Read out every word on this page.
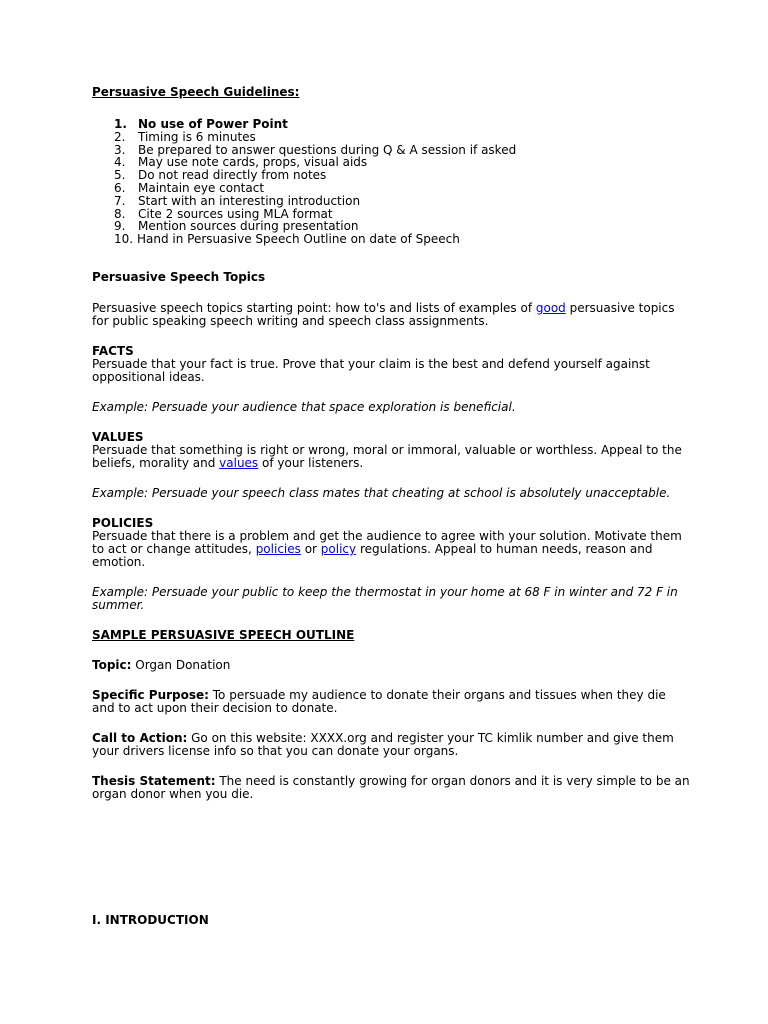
Persuasive Speech Guidelines:
1. No use of Power Point
2. Timing is 6 minutes
3. Be prepared to answer questions during Q & A session if asked
4. May use note cards, props, visual aids
5. Do not read directly from notes
6. Maintain eye contact
7. Start with an interesting introduction
8. Cite 2 sources using MLA format
9. Mention sources during presentation
10. Hand in Persuasive Speech Outline on date of Speech

Persuasive Speech Topics

Persuasive speech topics starting point: how to's and lists of examples of good persuasive topics for public speaking speech writing and speech class assignments.

FACTS

Persuade that your fact is true. Prove that your claim is the best and defend yourself against oppositional ideas.

Example: Persuade your audience that space exploration is beneficial.

VALUES

Persuade that something is right or wrong, moral or immoral, valuable or worthless. Appeal to the beliefs, morality and values of your listeners.

Example: Persuade your speech class mates that cheating at school is absolutely unacceptable.

POLICIES

Persuade that there is a problem and get the audience to agree with your solution. Motivate them to act or change attitudes, policies or policy regulations. Appeal to human needs, reason and emotion.

Example: Persuade your public to keep the thermostat in your home at 68 F in winter and 72 F in summer.

SAMPLE PERSUASIVE SPEECH OUTLINE

Topic: Organ Donation

Specific Purpose: To persuade my audience to donate their organs and tissues when they die and to act upon their decision to donate.

Call to Action: Go on this website: XXXX.org and register your TC kimlik number and give them your drivers license info so that you can donate your organs.

Thesis Statement: The need is constantly growing for organ donors and it is very simple to be an organ donor when you die.

I. INTRODUCTION
